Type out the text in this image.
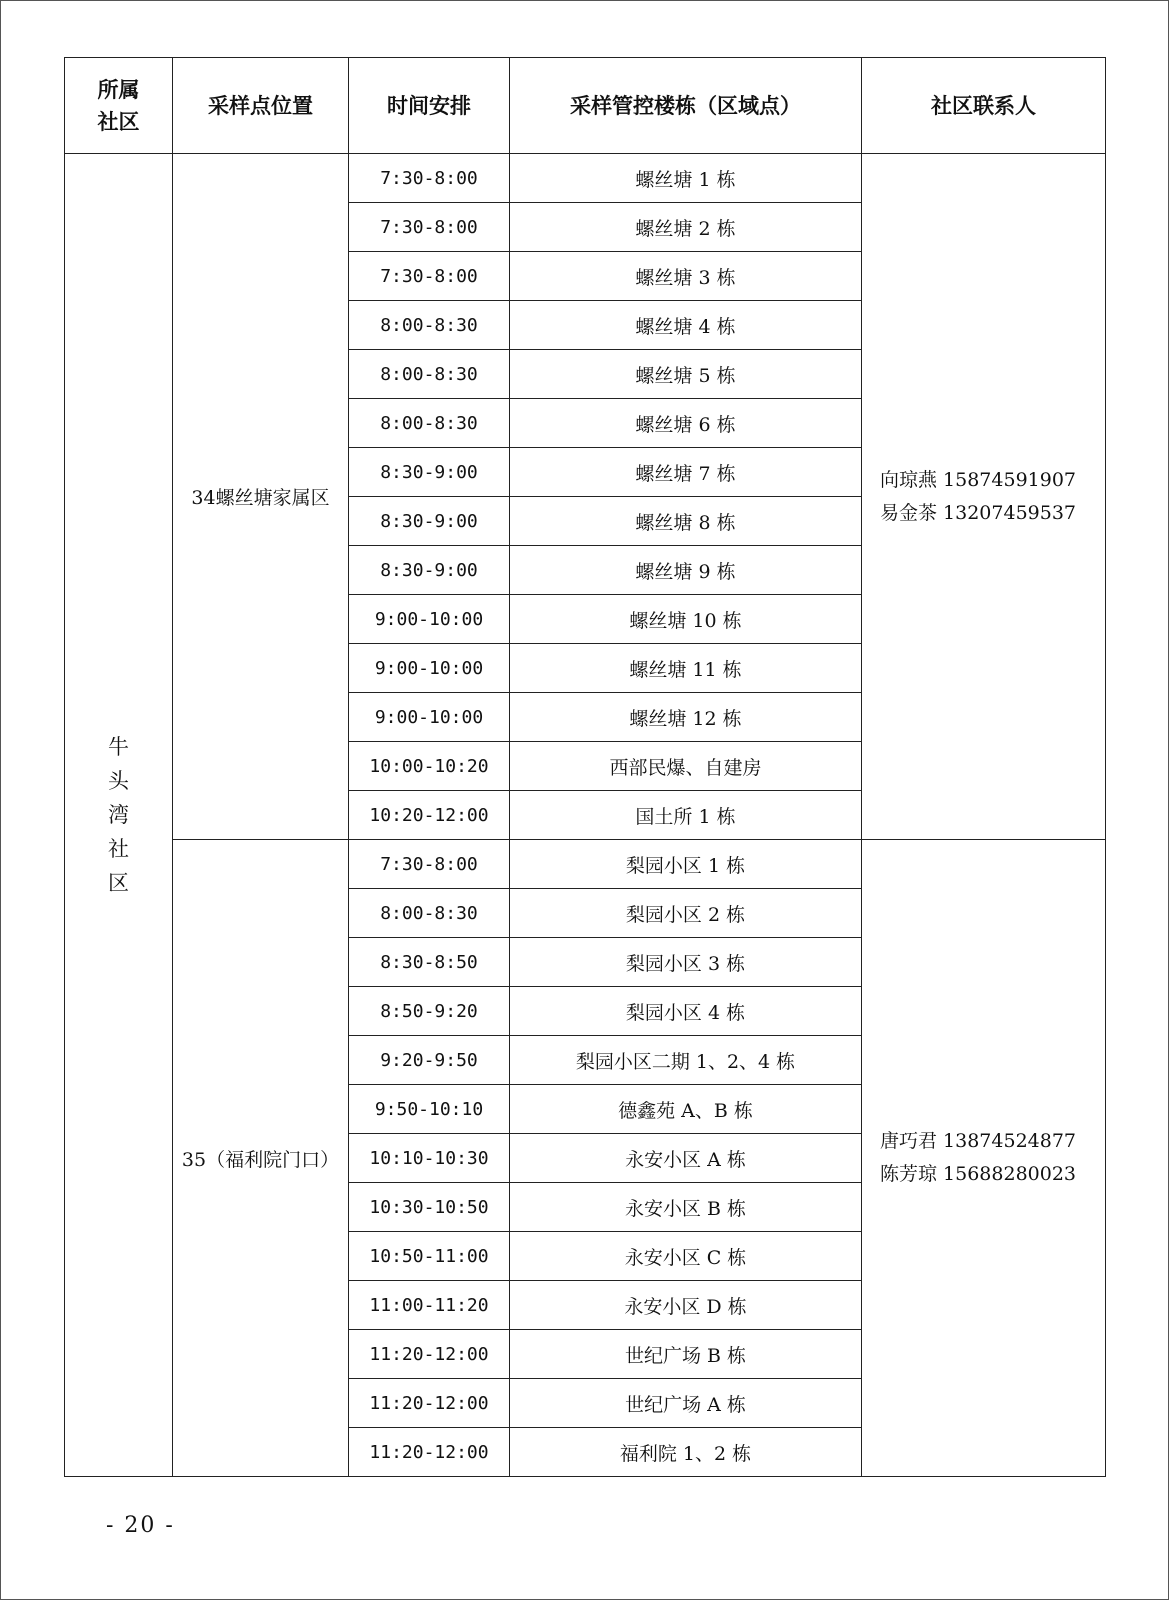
所属社区	采样点位置	时间安排	采样管控楼栋（区域点）	社区联系人
牛头湾社区	34螺丝塘家属区	7:30-8:00	螺丝塘 1 栋	向琼燕 15874591907
易金茶 13207459537

		7:30-8:00	螺丝塘 2 栋	
		7:30-8:00	螺丝塘 3 栋	
		8:00-8:30	螺丝塘 4 栋	
		8:00-8:30	螺丝塘 5 栋	
		8:00-8:30	螺丝塘 6 栋	
		8:30-9:00	螺丝塘 7 栋	
		8:30-9:00	螺丝塘 8 栋	
		8:30-9:00	螺丝塘 9 栋	
		9:00-10:00	螺丝塘 10 栋	
		9:00-10:00	螺丝塘 11 栋	
		9:00-10:00	螺丝塘 12 栋	
		10:00-10:20	西部民爆、自建房	
		10:20-12:00	国土所 1 栋	
	35（福利院门口）	7:30-8:00	梨园小区 1 栋	唐巧君 13874524877
陈芳琼 15688280023

		8:00-8:30	梨园小区 2 栋	
		8:30-8:50	梨园小区 3 栋	
		8:50-9:20	梨园小区 4 栋	
		9:20-9:50	梨园小区二期 1、2、4 栋	
		9:50-10:10	德鑫苑 A、B 栋	
		10:10-10:30	永安小区 A 栋	
		10:30-10:50	永安小区 B 栋	
		10:50-11:00	永安小区 C 栋	
		11:00-11:20	永安小区 D 栋	
		11:20-12:00	世纪广场 B 栋	
		11:20-12:00	世纪广场 A 栋	
		11:20-12:00	福利院 1、2 栋	
- 20 -
